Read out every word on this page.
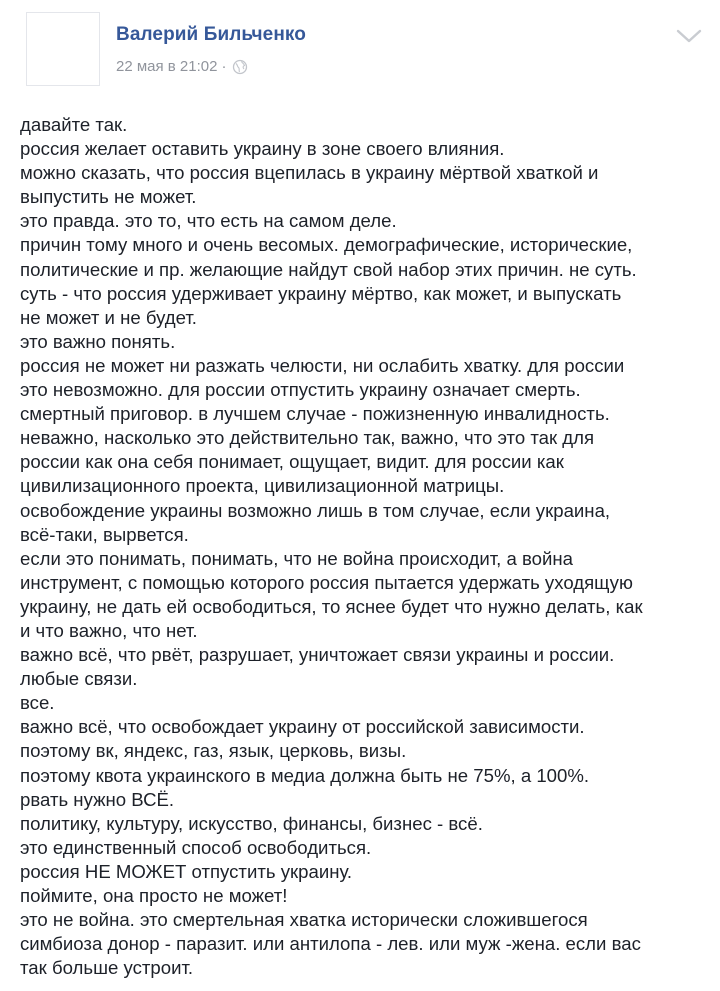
Валерий Бильченко
22 мая в 21:02 ·
давайте так.
россия желает оставить украину в зоне своего влияния.
можно сказать, что россия вцепилась в украину мёртвой хваткой и
выпустить не может.
это правда. это то, что есть на самом деле.
причин тому много и очень весомых. демографические, исторические,
политические и пр. желающие найдут свой набор этих причин. не суть.
суть - что россия удерживает украину мёртво, как может, и выпускать
не может и не будет.
это важно понять.
россия не может ни разжать челюсти, ни ослабить хватку. для россии
это невозможно. для россии отпустить украину означает смерть.
смертный приговор. в лучшем случае - пожизненную инвалидность.
неважно, насколько это действительно так, важно, что это так для
россии как она себя понимает, ощущает, видит. для россии как
цивилизационного проекта, цивилизационной матрицы.
освобождение украины возможно лишь в том случае, если украина,
всё-таки, вырвется.
если это понимать, понимать, что не война происходит, а война
инструмент, с помощью которого россия пытается удержать уходящую
украину, не дать ей освободиться, то яснее будет что нужно делать, как
и что важно, что нет.
важно всё, что рвёт, разрушает, уничтожает связи украины и россии.
любые связи.
все.
важно всё, что освобождает украину от российской зависимости.
поэтому вк, яндекс, газ, язык, церковь, визы.
поэтому квота украинского в медиа должна быть не 75%, а 100%.
рвать нужно ВСЁ.
политику, культуру, искусство, финансы, бизнес - всё.
это единственный способ освободиться.
россия НЕ МОЖЕТ отпустить украину.
поймите, она просто не может!
это не война. это смертельная хватка исторически сложившегося
симбиоза донор - паразит. или антилопа - лев. или муж -жена. если вас
так больше устроит.
